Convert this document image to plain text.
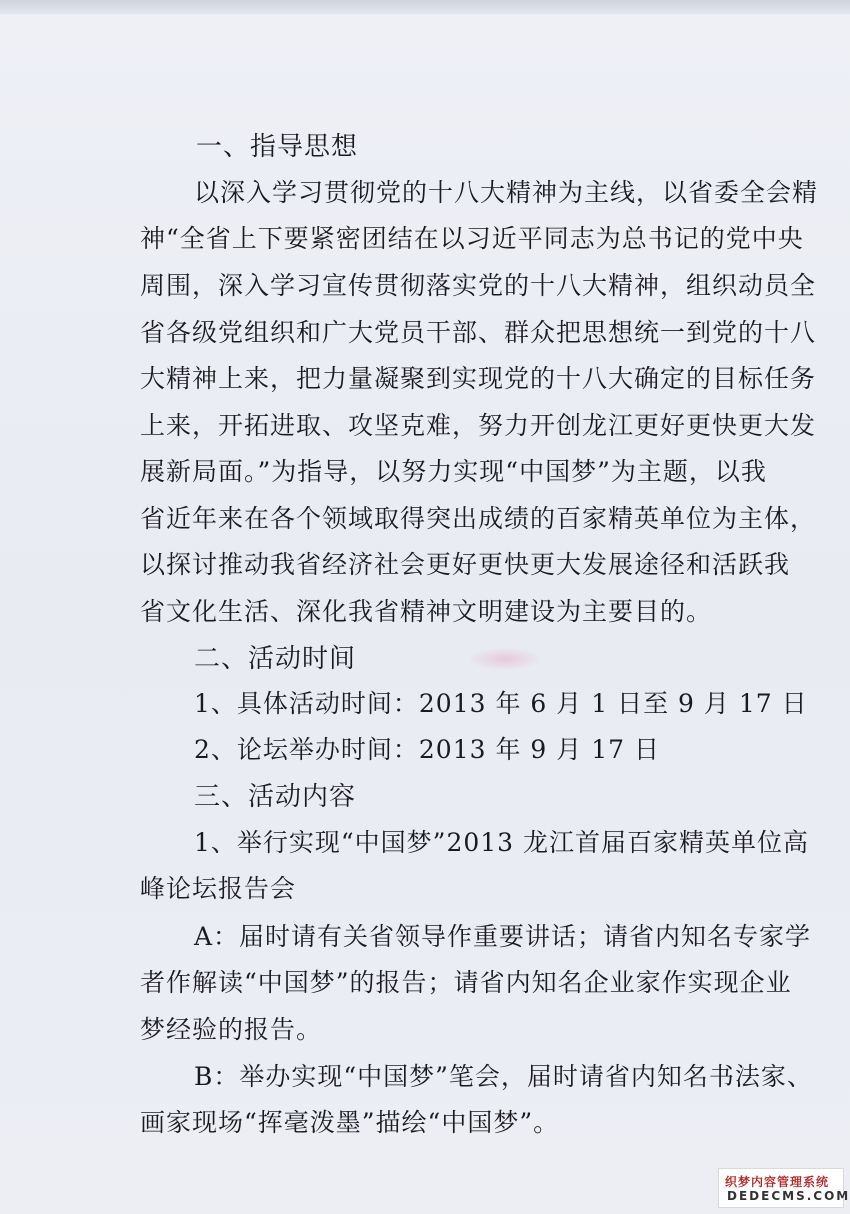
一、指导思想

以深入学习贯彻党的十八大精神为主线，以省委全会精

神“全省上下要紧密团结在以习近平同志为总书记的党中央

周围，深入学习宣传贯彻落实党的十八大精神，组织动员全

省各级党组织和广大党员干部、群众把思想统一到党的十八

大精神上来，把力量凝聚到实现党的十八大确定的目标任务

上来，开拓进取、攻坚克难，努力开创龙江更好更快更大发

展新局面。”为指导，以努力实现“中国梦”为主题，以我

省近年来在各个领域取得突出成绩的百家精英单位为主体，

以探讨推动我省经济社会更好更快更大发展途径和活跃我

省文化生活、深化我省精神文明建设为主要目的。

二、活动时间

1、具体活动时间：2013 年 6 月 1 日至 9 月 17 日

2、论坛举办时间：2013 年 9 月 17 日

三、活动内容

1、举行实现“中国梦”2013 龙江首届百家精英单位高

峰论坛报告会

A：届时请有关省领导作重要讲话；请省内知名专家学

者作解读“中国梦”的报告；请省内知名企业家作实现企业

梦经验的报告。

B：举办实现“中国梦”笔会，届时请省内知名书法家、

画家现场“挥毫泼墨”描绘“中国梦”。

织梦内容管理系统
DEDECMS.COM
